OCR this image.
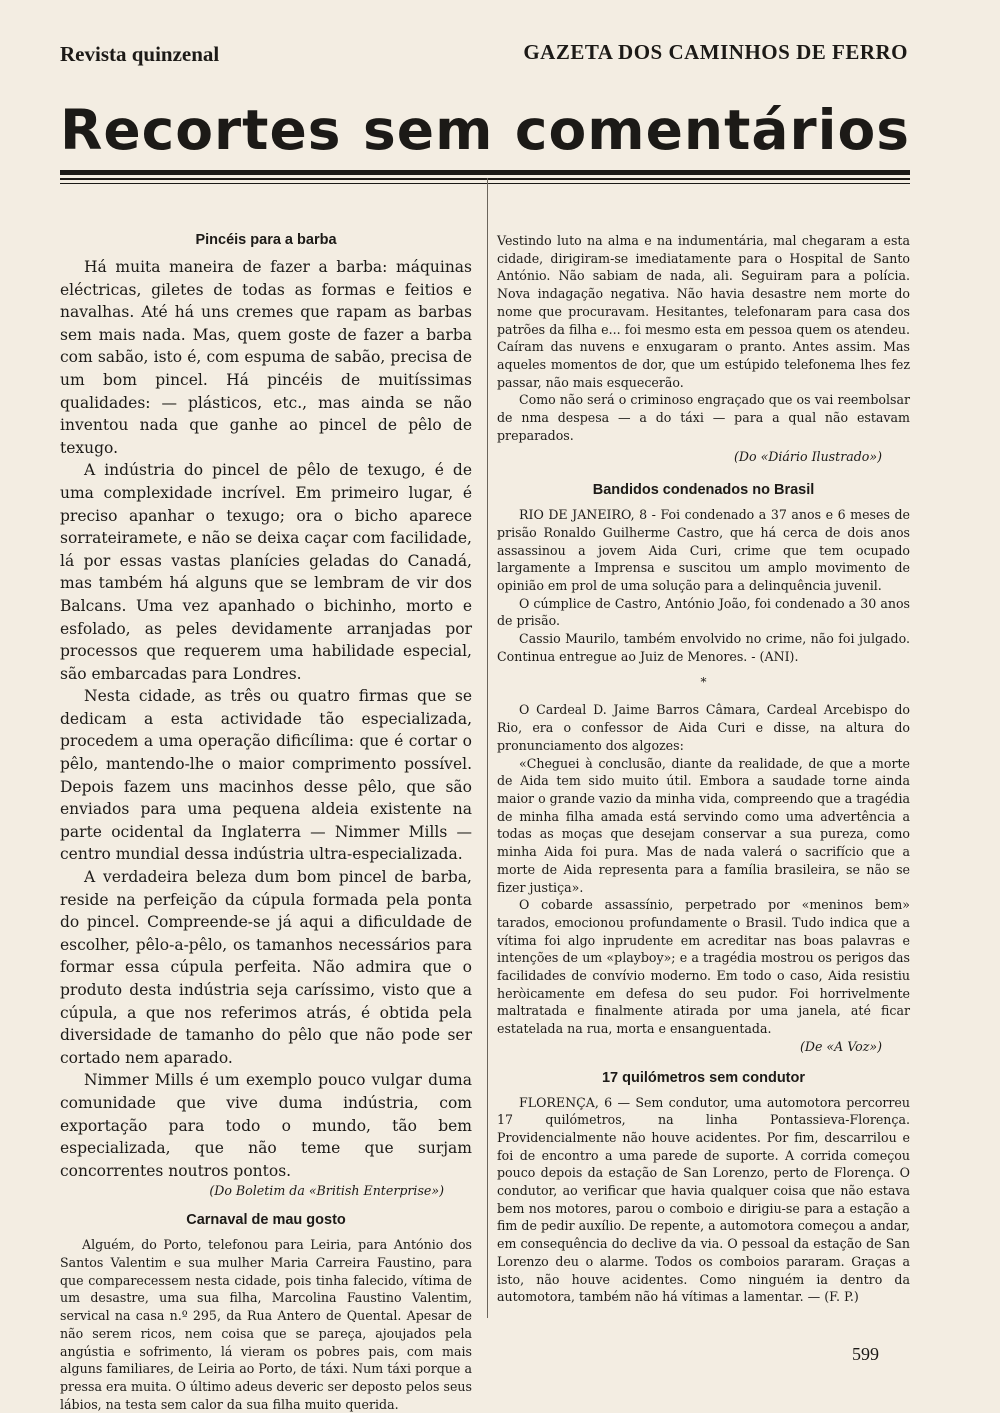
Revista quinzenal	GAZETA DOS CAMINHOS DE FERRO
Recortes sem comentários
Pincéis para a barba

Há muita maneira de fazer a barba: máquinas eléctricas, giletes de todas as formas e feitios e navalhas. Até há uns cremes que rapam as barbas sem mais nada. Mas, quem goste de fazer a barba com sabão, isto é, com espuma de sabão, precisa de um bom pincel. Há pincéis de muitíssimas qualidades: — plásticos, etc., mas ainda se não inventou nada que ganhe ao pincel de pêlo de texugo.

A indústria do pincel de pêlo de texugo, é de uma complexidade incrível. Em primeiro lugar, é preciso apanhar o texugo; ora o bicho aparece sorrateiramete, e não se deixa caçar com facilidade, lá por essas vastas planícies geladas do Canadá, mas também há alguns que se lembram de vir dos Balcans. Uma vez apanhado o bichinho, morto e esfolado, as peles devidamente arranjadas por processos que requerem uma habilidade especial, são embarcadas para Londres.

Nesta cidade, as três ou quatro firmas que se dedicam a esta actividade tão especializada, procedem a uma operação dificílima: que é cortar o pêlo, mantendo-lhe o maior comprimento possível. Depois fazem uns macinhos desse pêlo, que são enviados para uma pequena aldeia existente na parte ocidental da Inglaterra — Nimmer Mills — centro mundial dessa indústria ultra-especializada.

A verdadeira beleza dum bom pincel de barba, reside na perfeição da cúpula formada pela ponta do pincel. Compreende-se já aqui a dificuldade de escolher, pêlo-a-pêlo, os tamanhos necessários para formar essa cúpula perfeita. Não admira que o produto desta indústria seja caríssimo, visto que a cúpula, a que nos referimos atrás, é obtida pela diversidade de tamanho do pêlo que não pode ser cortado nem aparado.

Nimmer Mills é um exemplo pouco vulgar duma comunidade que vive duma indústria, com exportação para todo o mundo, tão bem especializada, que não teme que surjam concorrentes noutros pontos.

(Do Boletim da «British Enterprise»)

Carnaval de mau gosto

Alguém, do Porto, telefonou para Leiria, para António dos Santos Valentim e sua mulher Maria Carreira Faustino, para que comparecessem nesta cidade, pois tinha falecido, vítima de um desastre, uma sua filha, Marcolina Faustino Valentim, servical na casa n.º 295, da Rua Antero de Quental. Apesar de não serem ricos, nem coisa que se pareça, ajoujados pela angústia e sofrimento, lá vieram os pobres pais, com mais alguns familiares, de Leiria ao Porto, de táxi. Num táxi porque a pressa era muita. O último adeus deveric ser deposto pelos seus lábios, na testa sem calor da sua filha muito querida.

Vestindo luto na alma e na indumentária, mal chegaram a esta cidade, dirigiram-se imediatamente para o Hospital de Santo António. Não sabiam de nada, ali. Seguiram para a polícia. Nova indagação negativa. Não havia desastre nem morte do nome que procuravam. Hesitantes, telefonaram para casa dos patrões da filha e... foi mesmo esta em pessoa quem os atendeu. Caíram das nuvens e enxugaram o pranto. Antes assim. Mas aqueles momentos de dor, que um estúpido telefonema lhes fez passar, não mais esquecerão.

Como não será o criminoso engraçado que os vai reembolsar de nma despesa — a do táxi — para a qual não estavam preparados.

(Do «Diário Ilustrado»)

Bandidos condenados no Brasil

RIO DE JANEIRO, 8 - Foi condenado a 37 anos e 6 meses de prisão Ronaldo Guilherme Castro, que há cerca de dois anos assassinou a jovem Aida Curi, crime que tem ocupado largamente a Imprensa e suscitou um amplo movimento de opinião em prol de uma solução para a delinquência juvenil.

O cúmplice de Castro, António João, foi condenado a 30 anos de prisão.

Cassio Maurilo, também envolvido no crime, não foi julgado. Continua entregue ao Juiz de Menores. - (ANI).

*

O Cardeal D. Jaime Barros Câmara, Cardeal Arcebispo do Rio, era o confessor de Aida Curi e disse, na altura do pronunciamento dos algozes:

«Cheguei à conclusão, diante da realidade, de que a morte de Aida tem sido muito útil. Embora a saudade torne ainda maior o grande vazio da minha vida, compreendo que a tragédia de minha filha amada está servindo como uma advertência a todas as moças que desejam conservar a sua pureza, como minha Aida foi pura. Mas de nada valerá o sacrifício que a morte de Aida representa para a família brasileira, se não se fizer justiça».

O cobarde assassínio, perpetrado por «meninos bem» tarados, emocionou profundamente o Brasil. Tudo indica que a vítima foi algo inprudente em acreditar nas boas palavras e intenções de um «playboy»; e a tragédia mostrou os perigos das facilidades de convívio moderno. Em todo o caso, Aida resistiu heròicamente em defesa do seu pudor. Foi horrivelmente maltratada e finalmente atirada por uma janela, até ficar estatelada na rua, morta e ensanguentada.

(De «A Voz»)

17 quilómetros sem condutor

FLORENÇA, 6 — Sem condutor, uma automotora percorreu 17 quilómetros, na linha Pontassieva-Florença. Providencialmente não houve acidentes. Por fim, descarrilou e foi de encontro a uma parede de suporte. A corrida começou pouco depois da estação de San Lorenzo, perto de Florença. O condutor, ao verificar que havia qualquer coisa que não estava bem nos motores, parou o comboio e dirigiu-se para a estação a fim de pedir auxílio. De repente, a automotora começou a andar, em consequência do declive da via. O pessoal da estação de San Lorenzo deu o alarme. Todos os comboios pararam. Graças a isto, não houve acidentes. Como ninguém ia dentro da automotora, também não há vítimas a lamentar. — (F. P.)

599
